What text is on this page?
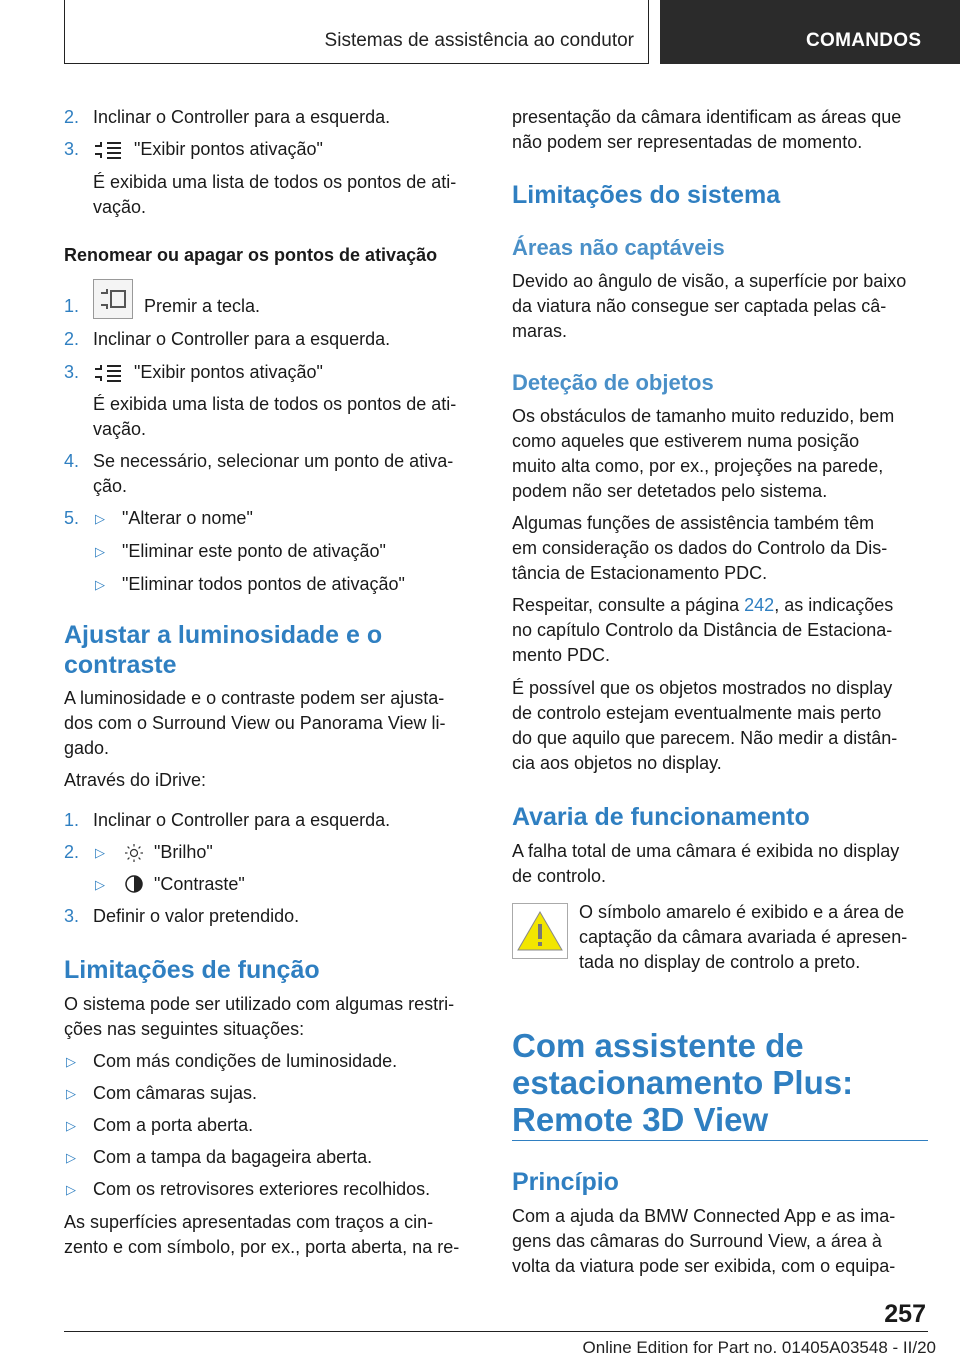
Sistemas de assistência ao condutor	COMANDOS
2. Inclinar o Controller para a esquerda.
3.	"Exibir pontos ativação"
É exibida uma lista de todos os pontos de ati‐
vação.
Renomear ou apagar os pontos de ativação
1.	Premir a tecla.
2. Inclinar o Controller para a esquerda.
3.	"Exibir pontos ativação"
É exibida uma lista de todos os pontos de ati‐
vação.
4. Se necessário, selecionar um ponto de ativa‐
ção.
5. ▷ "Alterar o nome"
▷ "Eliminar este ponto de ativação"
▷ "Eliminar todos pontos de ativação"
Ajustar a luminosidade e o
contraste
A luminosidade e o contraste podem ser ajusta‐
dos com o Surround View ou Panorama View li‐
gado.
Através do iDrive:
1. Inclinar o Controller para a esquerda.
2. ▷	"Brilho"
▷	"Contraste"
3. Definir o valor pretendido.
Limitações de função
O sistema pode ser utilizado com algumas restri‐
ções nas seguintes situações:
▷ Com más condições de luminosidade.
▷ Com câmaras sujas.
▷ Com a porta aberta.
▷ Com a tampa da bagageira aberta.
▷ Com os retrovisores exteriores recolhidos.
As superfícies apresentadas com traços a cin‐
zento e com símbolo, por ex., porta aberta, na re‐
presentação da câmara identificam as áreas que
não podem ser representadas de momento.
Limitações do sistema
Áreas não captáveis
Devido ao ângulo de visão, a superfície por baixo
da viatura não consegue ser captada pelas câ‐
maras.
Deteção de objetos
Os obstáculos de tamanho muito reduzido, bem
como aqueles que estiverem numa posição
muito alta como, por ex., projeções na parede,
podem não ser detetados pelo sistema.
Algumas funções de assistência também têm
em consideração os dados do Controlo da Dis‐
tância de Estacionamento PDC.
Respeitar, consulte a página 242, as indicações
no capítulo Controlo da Distância de Estaciona‐
mento PDC.
É possível que os objetos mostrados no display
de controlo estejam eventualmente mais perto
do que aquilo que parecem. Não medir a distân‐
cia aos objetos no display.
Avaria de funcionamento
A falha total de uma câmara é exibida no display
de controlo.
O símbolo amarelo é exibido e a área de
captação da câmara avariada é apresen‐
tada no display de controlo a preto.
Com assistente de
estacionamento Plus:
Remote 3D View
Princípio
Com a ajuda da BMW Connected App e as ima‐
gens das câmaras do Surround View, a área à
volta da viatura pode ser exibida, com o equipa‐
257
Online Edition for Part no. 01405A03548 - II/20
